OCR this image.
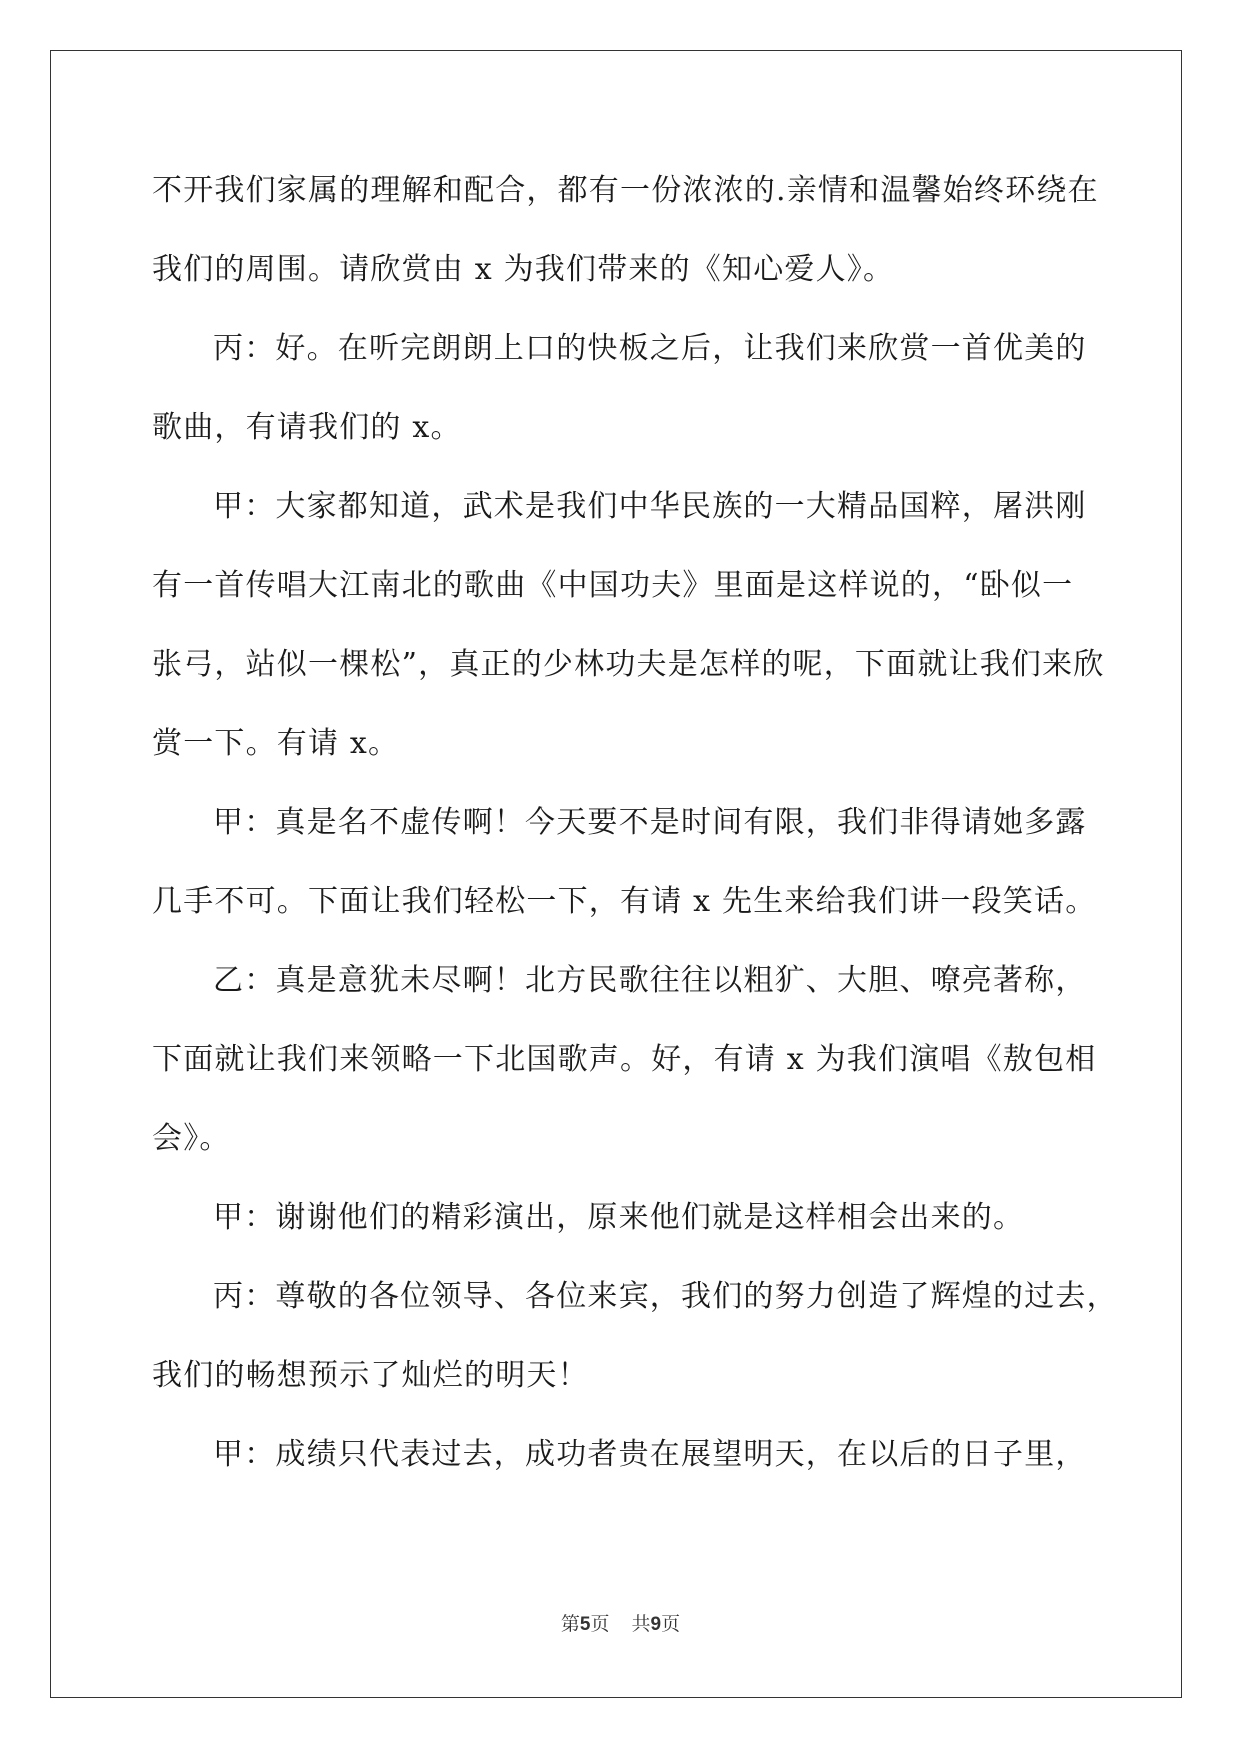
不开我们家属的理解和配合，都有一份浓浓的.亲情和温馨始终环绕在
我们的周围。请欣赏由 x 为我们带来的《知心爱人》。
丙：好。在听完朗朗上口的快板之后，让我们来欣赏一首优美的
歌曲，有请我们的 x。
甲：大家都知道，武术是我们中华民族的一大精品国粹，屠洪刚
有一首传唱大江南北的歌曲《中国功夫》里面是这样说的，“卧似一
张弓，站似一棵松”，真正的少林功夫是怎样的呢，下面就让我们来欣
赏一下。有请 x。
甲：真是名不虚传啊！今天要不是时间有限，我们非得请她多露
几手不可。下面让我们轻松一下，有请 x 先生来给我们讲一段笑话。
乙：真是意犹未尽啊！北方民歌往往以粗犷、大胆、嘹亮著称，
下面就让我们来领略一下北国歌声。好，有请 x 为我们演唱《敖包相
会》。
甲：谢谢他们的精彩演出，原来他们就是这样相会出来的。
丙：尊敬的各位领导、各位来宾，我们的努力创造了辉煌的过去，
我们的畅想预示了灿烂的明天！
甲：成绩只代表过去，成功者贵在展望明天，在以后的日子里，
第5页 共9页
